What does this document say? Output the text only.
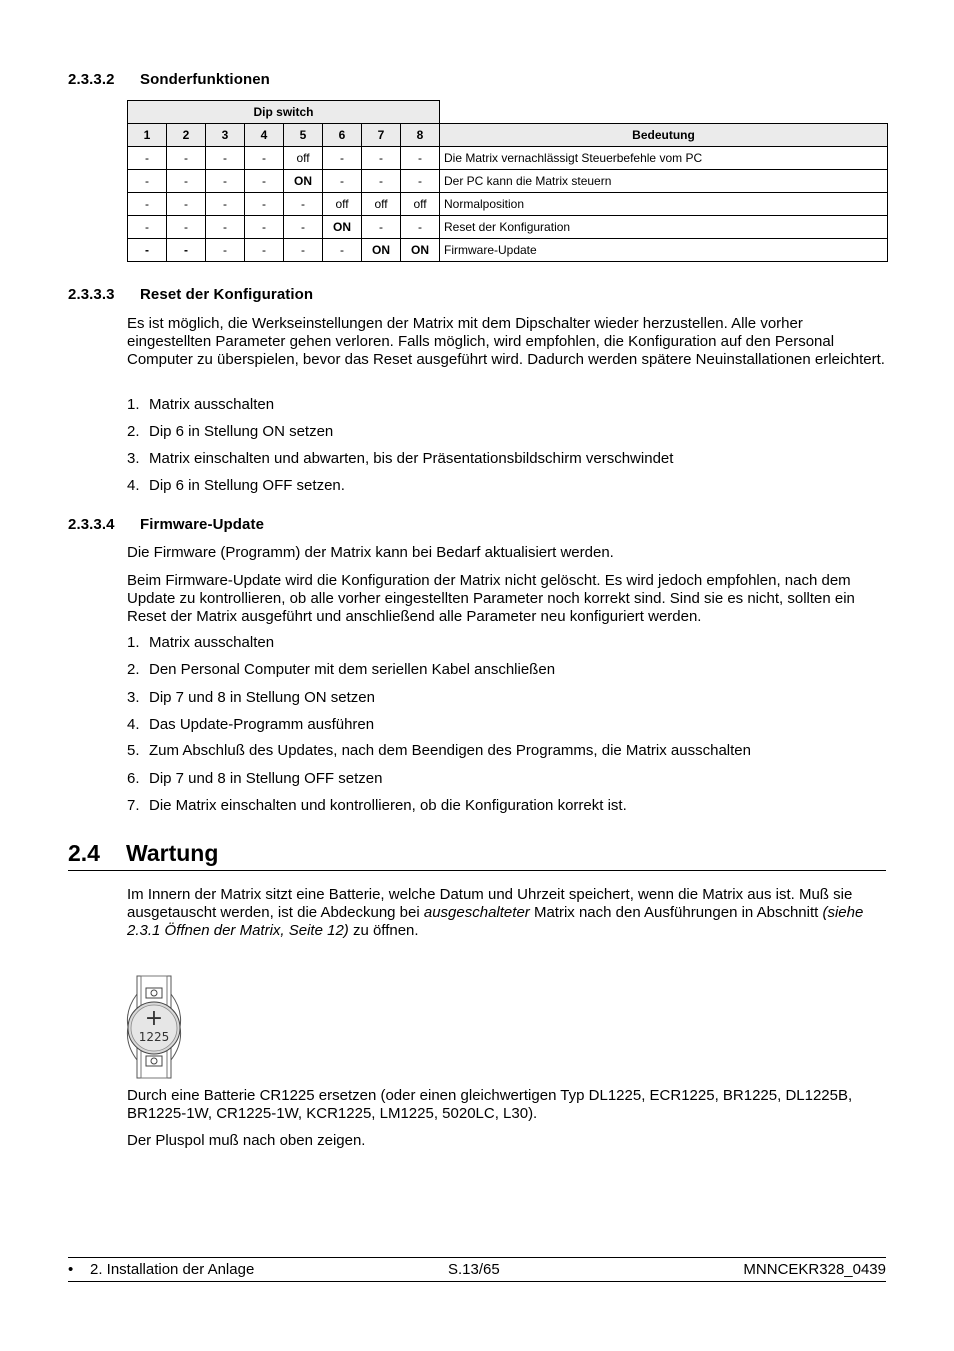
2.3.3.2 Sonderfunktionen
Dip switch								
1	2	3	4	5	6	7	8	Bedeutung
-	-	-	-	off	-	-	-	Die Matrix vernachlässigt Steuerbefehle vom PC
-	-	-	-	ON	-	-	-	Der PC kann die Matrix steuern
-	-	-	-	-	off	off	off	Normalposition
-	-	-	-	-	ON	-	-	Reset der Konfiguration
-	-	-	-	-	-	ON	ON	Firmware-Update
2.3.3.3 Reset der Konfiguration
Es ist möglich, die Werkseinstellungen der Matrix mit dem Dipschalter wieder herzustellen. Alle vorher eingestellten Parameter gehen verloren. Falls möglich, wird empfohlen, die Konfiguration auf den Personal Computer zu überspielen, bevor das Reset ausgeführt wird. Dadurch werden spätere Neuinstallationen erleichtert.
1. Matrix ausschalten
2. Dip 6 in Stellung ON setzen
3. Matrix einschalten und abwarten, bis der Präsentationsbildschirm verschwindet
4. Dip 6 in Stellung OFF setzen.
2.3.3.4 Firmware-Update
Die Firmware (Programm) der Matrix kann bei Bedarf aktualisiert werden.
Beim Firmware-Update wird die Konfiguration der Matrix nicht gelöscht. Es wird jedoch empfohlen, nach dem Update zu kontrollieren, ob alle vorher eingestellten Parameter noch korrekt sind. Sind sie es nicht, sollten ein Reset der Matrix ausgeführt und anschließend alle Parameter neu konfiguriert werden.
1. Matrix ausschalten
2. Den Personal Computer mit dem seriellen Kabel anschließen
3. Dip 7 und 8 in Stellung ON setzen
4. Das Update-Programm ausführen
5. Zum Abschluß des Updates, nach dem Beendigen des Programms, die Matrix ausschalten
6. Dip 7 und 8 in Stellung OFF setzen
7. Die Matrix einschalten und kontrollieren, ob die Konfiguration korrekt ist.
2.4 Wartung
Im Innern der Matrix sitzt eine Batterie, welche Datum und Uhrzeit speichert, wenn die Matrix aus ist. Muß sie ausgetauscht werden, ist die Abdeckung bei ausgeschalteter Matrix nach den Ausführungen in Abschnitt (siehe 2.3.1 Öffnen der Matrix, Seite 12) zu öffnen.
+
1225
Durch eine Batterie CR1225 ersetzen (oder einen gleichwertigen Typ DL1225, ECR1225, BR1225, DL1225B, BR1225-1W, CR1225-1W, KCR1225, LM1225, 5020LC, L30).
Der Pluspol muß nach oben zeigen.
• 2. Installation der Anlage	S.13/65	MNNCEKR328_0439
